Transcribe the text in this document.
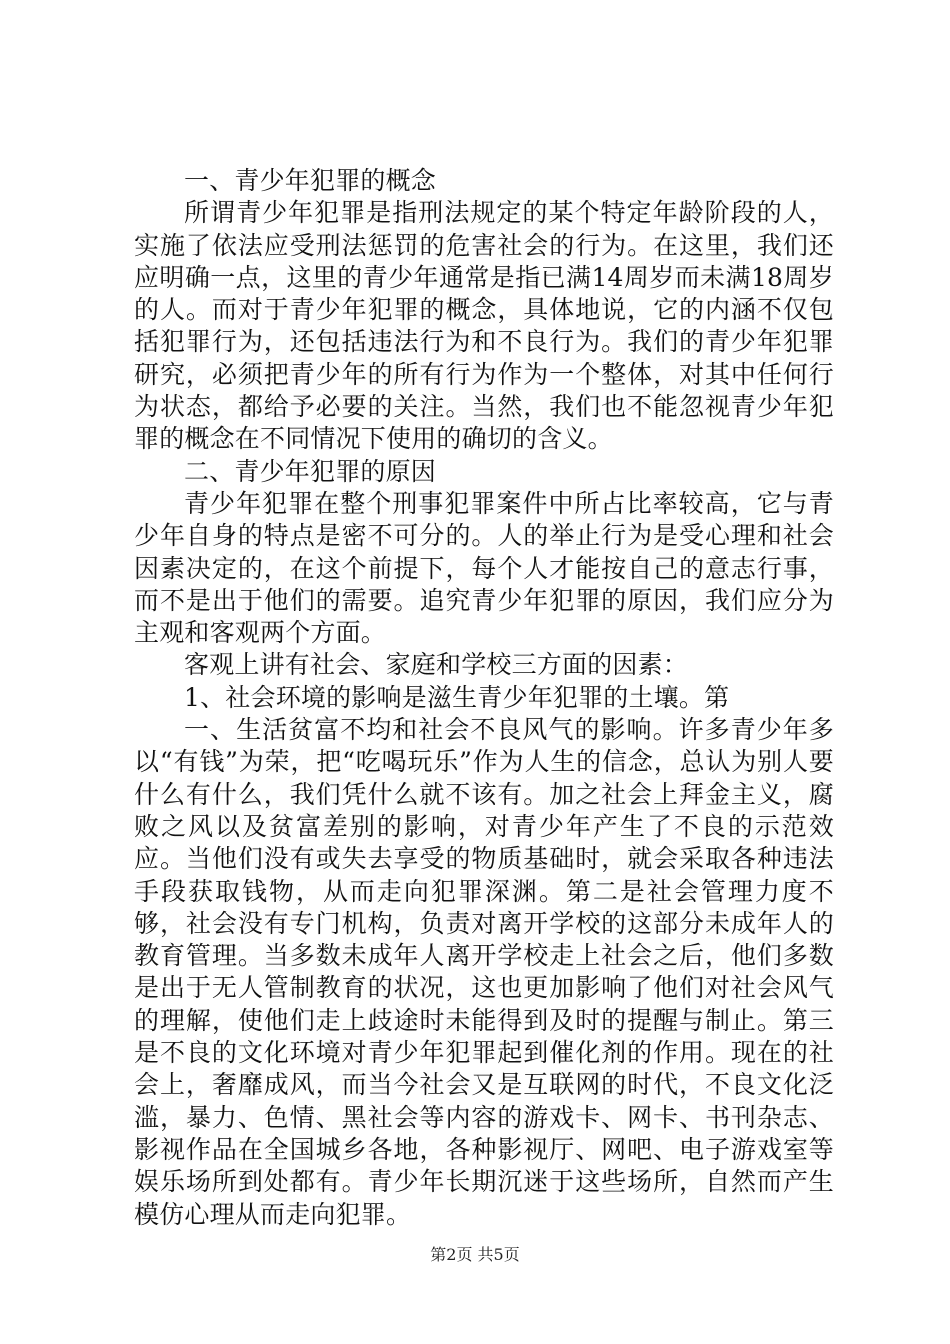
一、青少年犯罪的概念

所谓青少年犯罪是指刑法规定的某个特定年龄阶段的人，实施了依法应受刑法惩罚的危害社会的行为。在这里，我们还应明确一点，这里的青少年通常是指已满14周岁而未满18周岁的人。而对于青少年犯罪的概念，具体地说，它的内涵不仅包括犯罪行为，还包括违法行为和不良行为。我们的青少年犯罪研究，必须把青少年的所有行为作为一个整体，对其中任何行为状态，都给予必要的关注。当然，我们也不能忽视青少年犯罪的概念在不同情况下使用的确切的含义。

二、青少年犯罪的原因

青少年犯罪在整个刑事犯罪案件中所占比率较高，它与青少年自身的特点是密不可分的。人的举止行为是受心理和社会因素决定的，在这个前提下，每个人才能按自己的意志行事，而不是出于他们的需要。追究青少年犯罪的原因，我们应分为主观和客观两个方面。

客观上讲有社会、家庭和学校三方面的因素：

1、社会环境的影响是滋生青少年犯罪的土壤。第

一、生活贫富不均和社会不良风气的影响。许多青少年多以“有钱”为荣，把“吃喝玩乐”作为人生的信念，总认为别人要什么有什么，我们凭什么就不该有。加之社会上拜金主义，腐败之风以及贫富差别的影响，对青少年产生了不良的示范效应。当他们没有或失去享受的物质基础时，就会采取各种违法手段获取钱物，从而走向犯罪深渊。第二是社会管理力度不够，社会没有专门机构，负责对离开学校的这部分未成年人的教育管理。当多数未成年人离开学校走上社会之后，他们多数是出于无人管制教育的状况，这也更加影响了他们对社会风气的理解，使他们走上歧途时未能得到及时的提醒与制止。第三是不良的文化环境对青少年犯罪起到催化剂的作用。现在的社会上，奢靡成风，而当今社会又是互联网的时代，不良文化泛滥，暴力、色情、黑社会等内容的游戏卡、网卡、书刊杂志、影视作品在全国城乡各地，各种影视厅、网吧、电子游戏室等娱乐场所到处都有。青少年长期沉迷于这些场所，自然而产生模仿心理从而走向犯罪。

第2页 共5页
